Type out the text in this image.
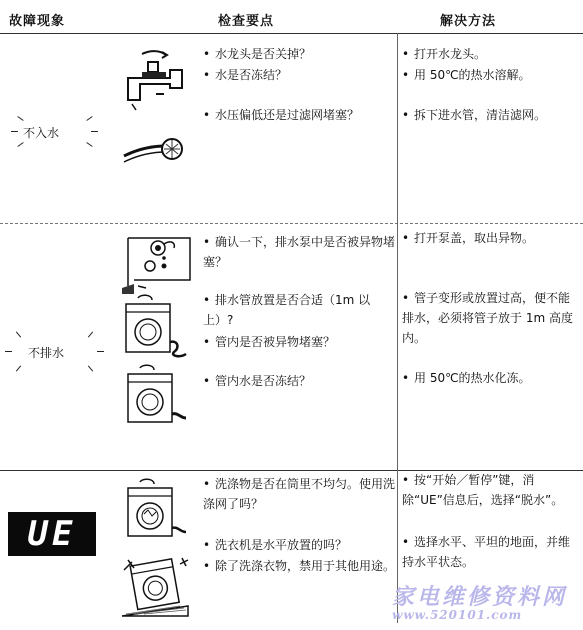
故障现象	检查要点	解决方法
不入水
• 水龙头是否关掉？
• 水是否冻结？
• 水压偏低还是过滤网堵塞？
• 打开水龙头。
• 用 50℃的热水溶解。
• 拆下进水管，清洁滤网。
不排水
• 确认一下，排水泵中是否被异物堵塞？
• 排水管放置是否合适（1m 以上）?
• 管内是否被异物堵塞？
• 管内水是否冻结？
• 打开泵盖，取出异物。
• 管子变形或放置过高，便不能排水，必须将管子放于 1m 高度内。
• 用 50℃的热水化冻。
UE
• 洗涤物是否在筒里不均匀。使用洗涤网了吗？
• 洗衣机是水平放置的吗？
• 除了洗涤衣物，禁用于其他用途。
• 按“开始／暂停”键，消除“UE”信息后，选择“脱水”。
• 选择水平、平坦的地面，并维持水平状态。
家电维修资料网
www.520101.com
